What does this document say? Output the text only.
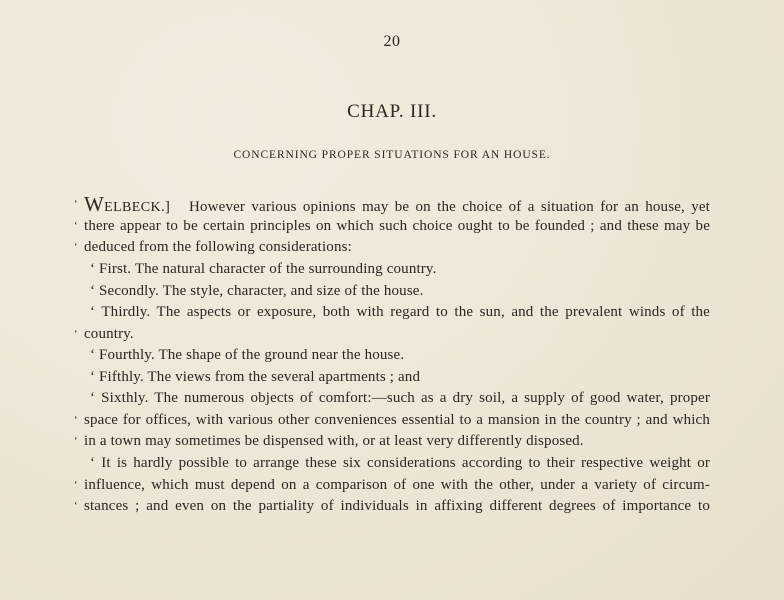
20
CHAP. III.
CONCERNING PROPER SITUATIONS FOR AN HOUSE.
‘ WELBECK.] However various opinions may be on the choice of a situation for an house, yet
‘ there appear to be certain principles on which such choice ought to be founded ; and these may be
‘ deduced from the following considerations:
‘ First. The natural character of the surrounding country.
‘ Secondly. The style, character, and size of the house.
‘ Thirdly. The aspects or exposure, both with regard to the sun, and the prevalent winds of the
‘ country.
‘ Fourthly. The shape of the ground near the house.
‘ Fifthly. The views from the several apartments ; and
‘ Sixthly. The numerous objects of comfort:—such as a dry soil, a supply of good water, proper
‘ space for offices, with various other conveniences essential to a mansion in the country ; and which
‘ in a town may sometimes be dispensed with, or at least very differently disposed.
‘ It is hardly possible to arrange these six considerations according to their respective weight or
‘ influence, which must depend on a comparison of one with the other, under a variety of circum-
‘ stances ; and even on the partiality of individuals in affixing different degrees of importance to
